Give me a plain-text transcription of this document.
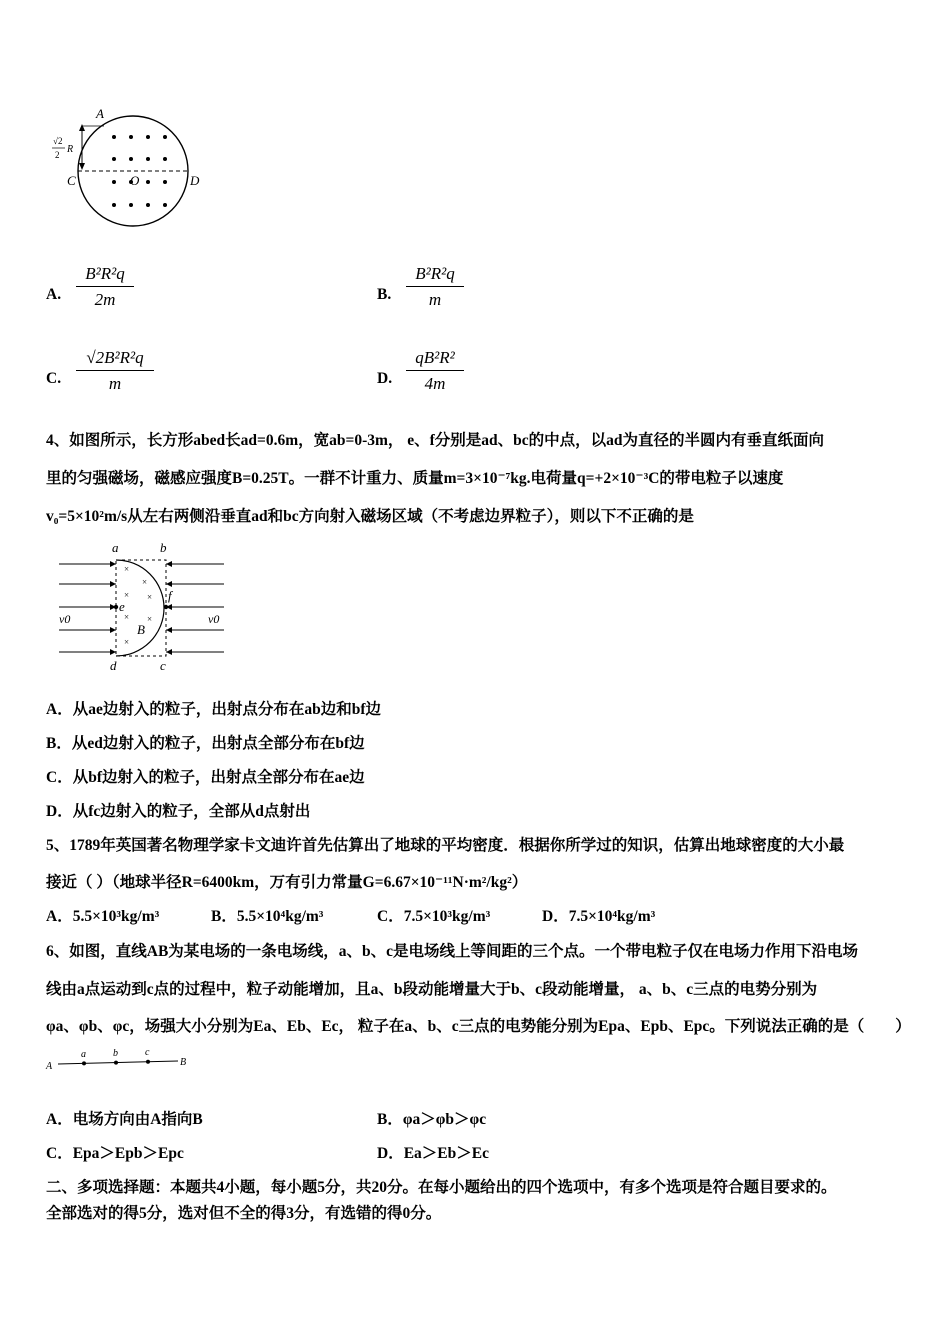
A
C	O	D
√2
2 R
A. $\frac{\text{B²R²q}}{2m}$	B. $\frac{\text{B²R²q}}{m}$
C. $\frac{\text{√2B²R²q}}{m}$	D. $\frac{\text{qB²R²}}{4m}$
4、如图所示，长方形abed长ad=0.6m，宽ab=0-3m， e、f分别是ad、bc的中点，以ad为直径的半圆内有垂直纸面向
里的匀强磁场，磁感应强度B=0.25T。一群不计重力、质量m=3×10⁻⁷kg.电荷量q=+2×10⁻³C的带电粒子以速度
v₀=5×10²m/s从左右两侧沿垂直ad和bc方向射入磁场区域（不考虑边界粒子），则以下不正确的是
×
×
×
×
×
×
×
a	b
d	c
e
f
B
v0	v0
A．从ae边射入的粒子，出射点分布在ab边和bf边
B．从ed边射入的粒子，出射点全部分布在bf边
C．从bf边射入的粒子，出射点全部分布在ae边
D．从fc边射入的粒子，全部从d点射出
5、1789年英国著名物理学家卡文迪许首先估算出了地球的平均密度．根据你所学过的知识，估算出地球密度的大小最
接近（ ）（地球半径R=6400km，万有引力常量G=6.67×10⁻¹¹N·m²/kg²）
A．5.5×10³kg/m³	B．5.5×10⁴kg/m³	C．7.5×10³kg/m³	D．7.5×10⁴kg/m³
6、如图，直线AB为某电场的一条电场线，a、b、c是电场线上等间距的三个点。一个带电粒子仅在电场力作用下沿电场
线由a点运动到c点的过程中，粒子动能增加，且a、b段动能增量大于b、c段动能增量， a、b、c三点的电势分别为
φa、φb、φc，场强大小分别为Ea、Eb、Ec， 粒子在a、b、c三点的电势能分别为Epa、Epb、Epc。下列说法正确的是（　　）
A
a	b	c
B
A．电场方向由A指向B	B．φa＞φb＞φc
C．Epa＞Epb＞Epc	D．Ea＞Eb＞Ec
二、多项选择题：本题共4小题，每小题5分，共20分。在每小题给出的四个选项中，有多个选项是符合题目要求的。
全部选对的得5分，选对但不全的得3分，有选错的得0分。
